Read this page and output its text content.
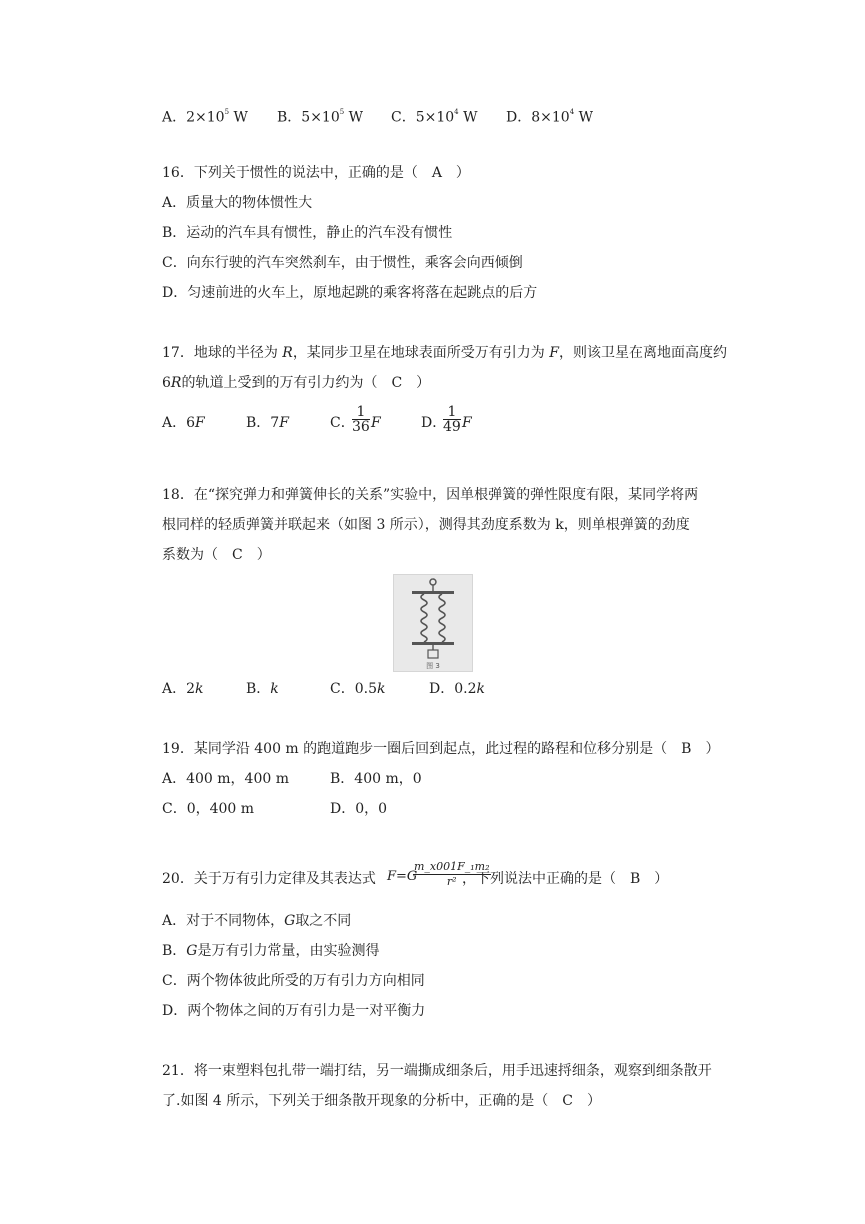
A．$2\times 10^5$ W B．$5\times 10^5$ W C．$5\times 10^4$ W D．$8\times 10^4$ W
16．下列关于惯性的说法中，正确的是（　A　）
A．质量大的物体惯性大
B．运动的汽车具有惯性，静止的汽车没有惯性
C．向东行驶的汽车突然刹车，由于惯性，乘客会向西倾倒
D．匀速前进的火车上，原地起跳的乘客将落在起跳点的后方
17．地球的半径为 R，某同步卫星在地球表面所受万有引力为 F，则该卫星在离地面高度约
6R的轨道上受到的万有引力约为（　C　）
A．6F	B．7F	C．
$\frac{1}{36}$ F	D．
$\frac{1}{49}$ F
18．在“探究弹力和弹簧伸长的关系”实验中，因单根弹簧的弹性限度有限，某同学将两
根同样的轻质弹簧并联起来（如图 3 所示），测得其劲度系数为 k，则单根弹簧的劲度
系数为（　C　）
图 3
A．2k	B．k	C．0.5k	D．0.2k
19．某同学沿 400 m 的跑道跑步一圈后回到起点，此过程的路程和位移分别是（　B　）
A．400 m，400 m	B．400 m，0
C．0，400 m	D．0，0
20．关于万有引力定律及其表达式 F=G
$\frac{\text{m\_x001F\_₁m₂}}{\text{r²}}$
，下列说法中正确的是（　B　）
A．对于不同物体，G取之不同
B．G是万有引力常量，由实验测得
C．两个物体彼此所受的万有引力方向相同
D．两个物体之间的万有引力是一对平衡力
21．将一束塑料包扎带一端打结，另一端撕成细条后，用手迅速捋细条，观察到细条散开
了.如图 4 所示，下列关于细条散开现象的分析中，正确的是（　C　）
